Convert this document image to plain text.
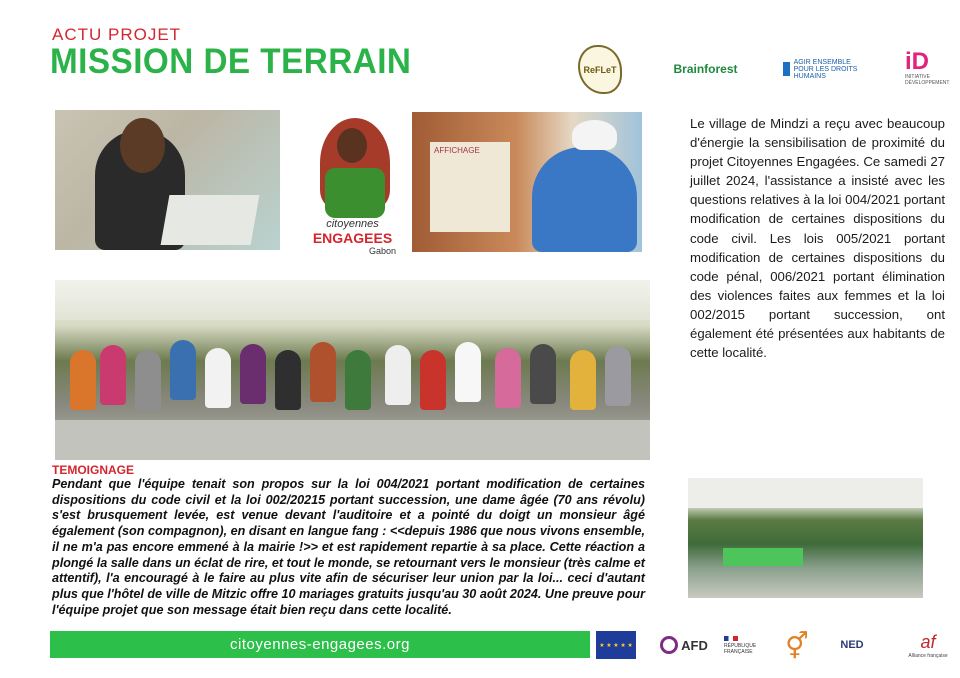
ACTU PROJET
MISSION DE TERRAIN	ReFLeT	Brainforest	AGIR ENSEMBLE POUR LES DROITS HUMAINS
iD
INITIATIVE DÉVELOPPEMENT
citoyennes
ENGAGEES
Gabon
AFFICHAGE
Le village de Mindzi a reçu avec beaucoup d'énergie la sensibilisation de proximité du projet Citoyennes Engagées. Ce samedi 27 juillet 2024, l'assistance a insisté avec les questions relatives à la loi 004/2021 portant modification de certaines dispositions du code civil. Les lois 005/2021 portant modification de certaines dispositions du code pénal, 006/2021 portant élimination des violences faites aux femmes et la loi 002/2015 portant succession, ont également été présentées aux habitants de cette localité.
TEMOIGNAGE
Pendant que l'équipe tenait son propos sur la loi 004/2021 portant modification de certaines dispositions du code civil et la loi 002/20215 portant succession, une dame âgée (70 ans révolu) s'est brusquement levée, est venue devant l'auditoire et a pointé du doigt un monsieur âgé également (son compagnon), en disant en langue fang : <<depuis 1986 que nous vivons ensemble, il ne m'a pas encore emmené à la mairie !>> et est rapidement repartie à sa place. Cette réaction a plongé la salle dans un éclat de rire, et tout le monde, se retournant vers le monsieur (très calme et attentif), l'a encouragé à le faire au plus vite afin de sécuriser leur union par la loi... ceci d'autant plus que l'hôtel de ville de Mitzic offre 10 mariages gratuits jusqu'au 30 août 2024. Une preuve pour l'équipe projet que son message était bien reçu dans cette localité.
citoyennes-engagees.org	★ ★ ★ ★ ★	AFD	RÉPUBLIQUE FRANÇAISE	⚥	NED	af
Alliance française
